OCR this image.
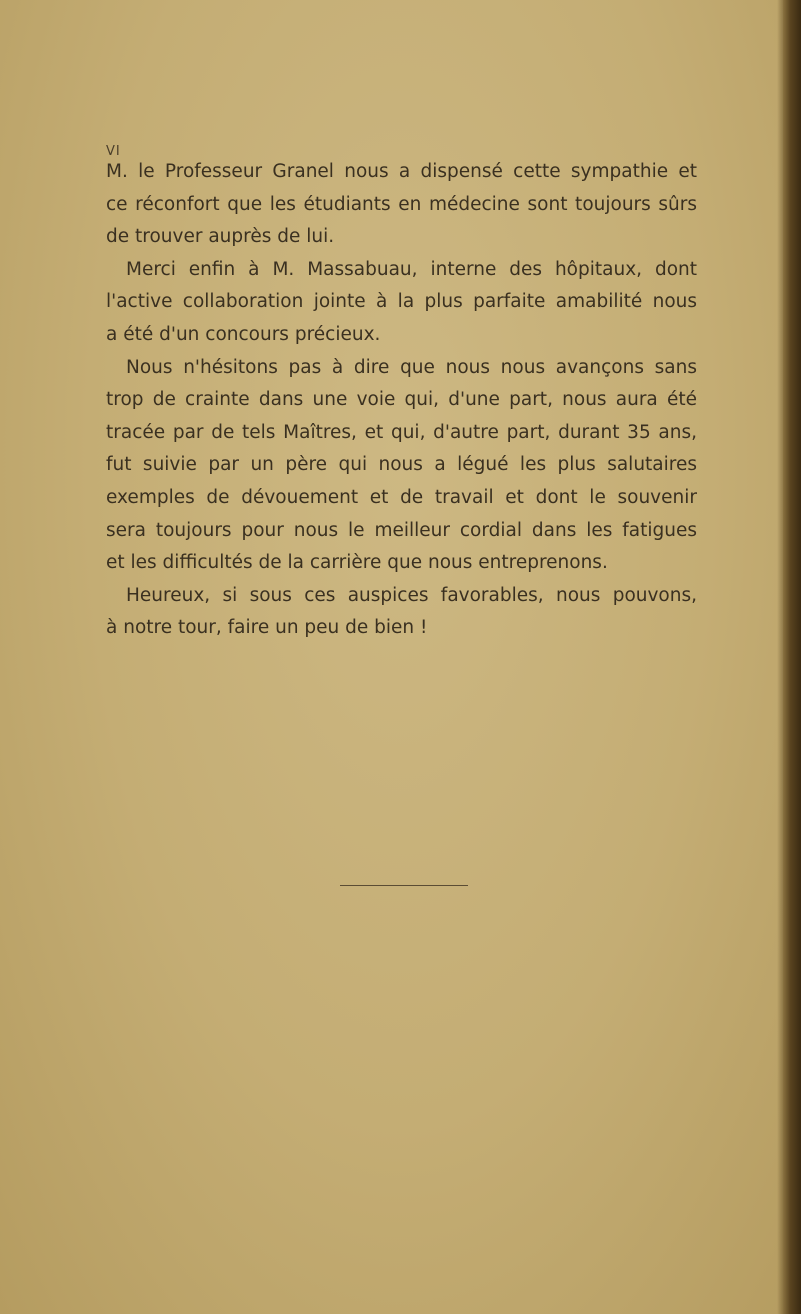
VI
M. le Professeur Granel nous a dispensé cette sympathie et
ce réconfort que les étudiants en médecine sont toujours sûrs
de trouver auprès de lui.
Merci enfin à M. Massabuau, interne des hôpitaux, dont
l'active collaboration jointe à la plus parfaite amabilité nous
a été d'un concours précieux.
Nous n'hésitons pas à dire que nous nous avançons sans
trop de crainte dans une voie qui, d'une part, nous aura été
tracée par de tels Maîtres, et qui, d'autre part, durant 35 ans,
fut suivie par un père qui nous a légué les plus salutaires
exemples de dévouement et de travail et dont le souvenir
sera toujours pour nous le meilleur cordial dans les fatigues
et les difficultés de la carrière que nous entreprenons.
Heureux, si sous ces auspices favorables, nous pouvons,
à notre tour, faire un peu de bien !
